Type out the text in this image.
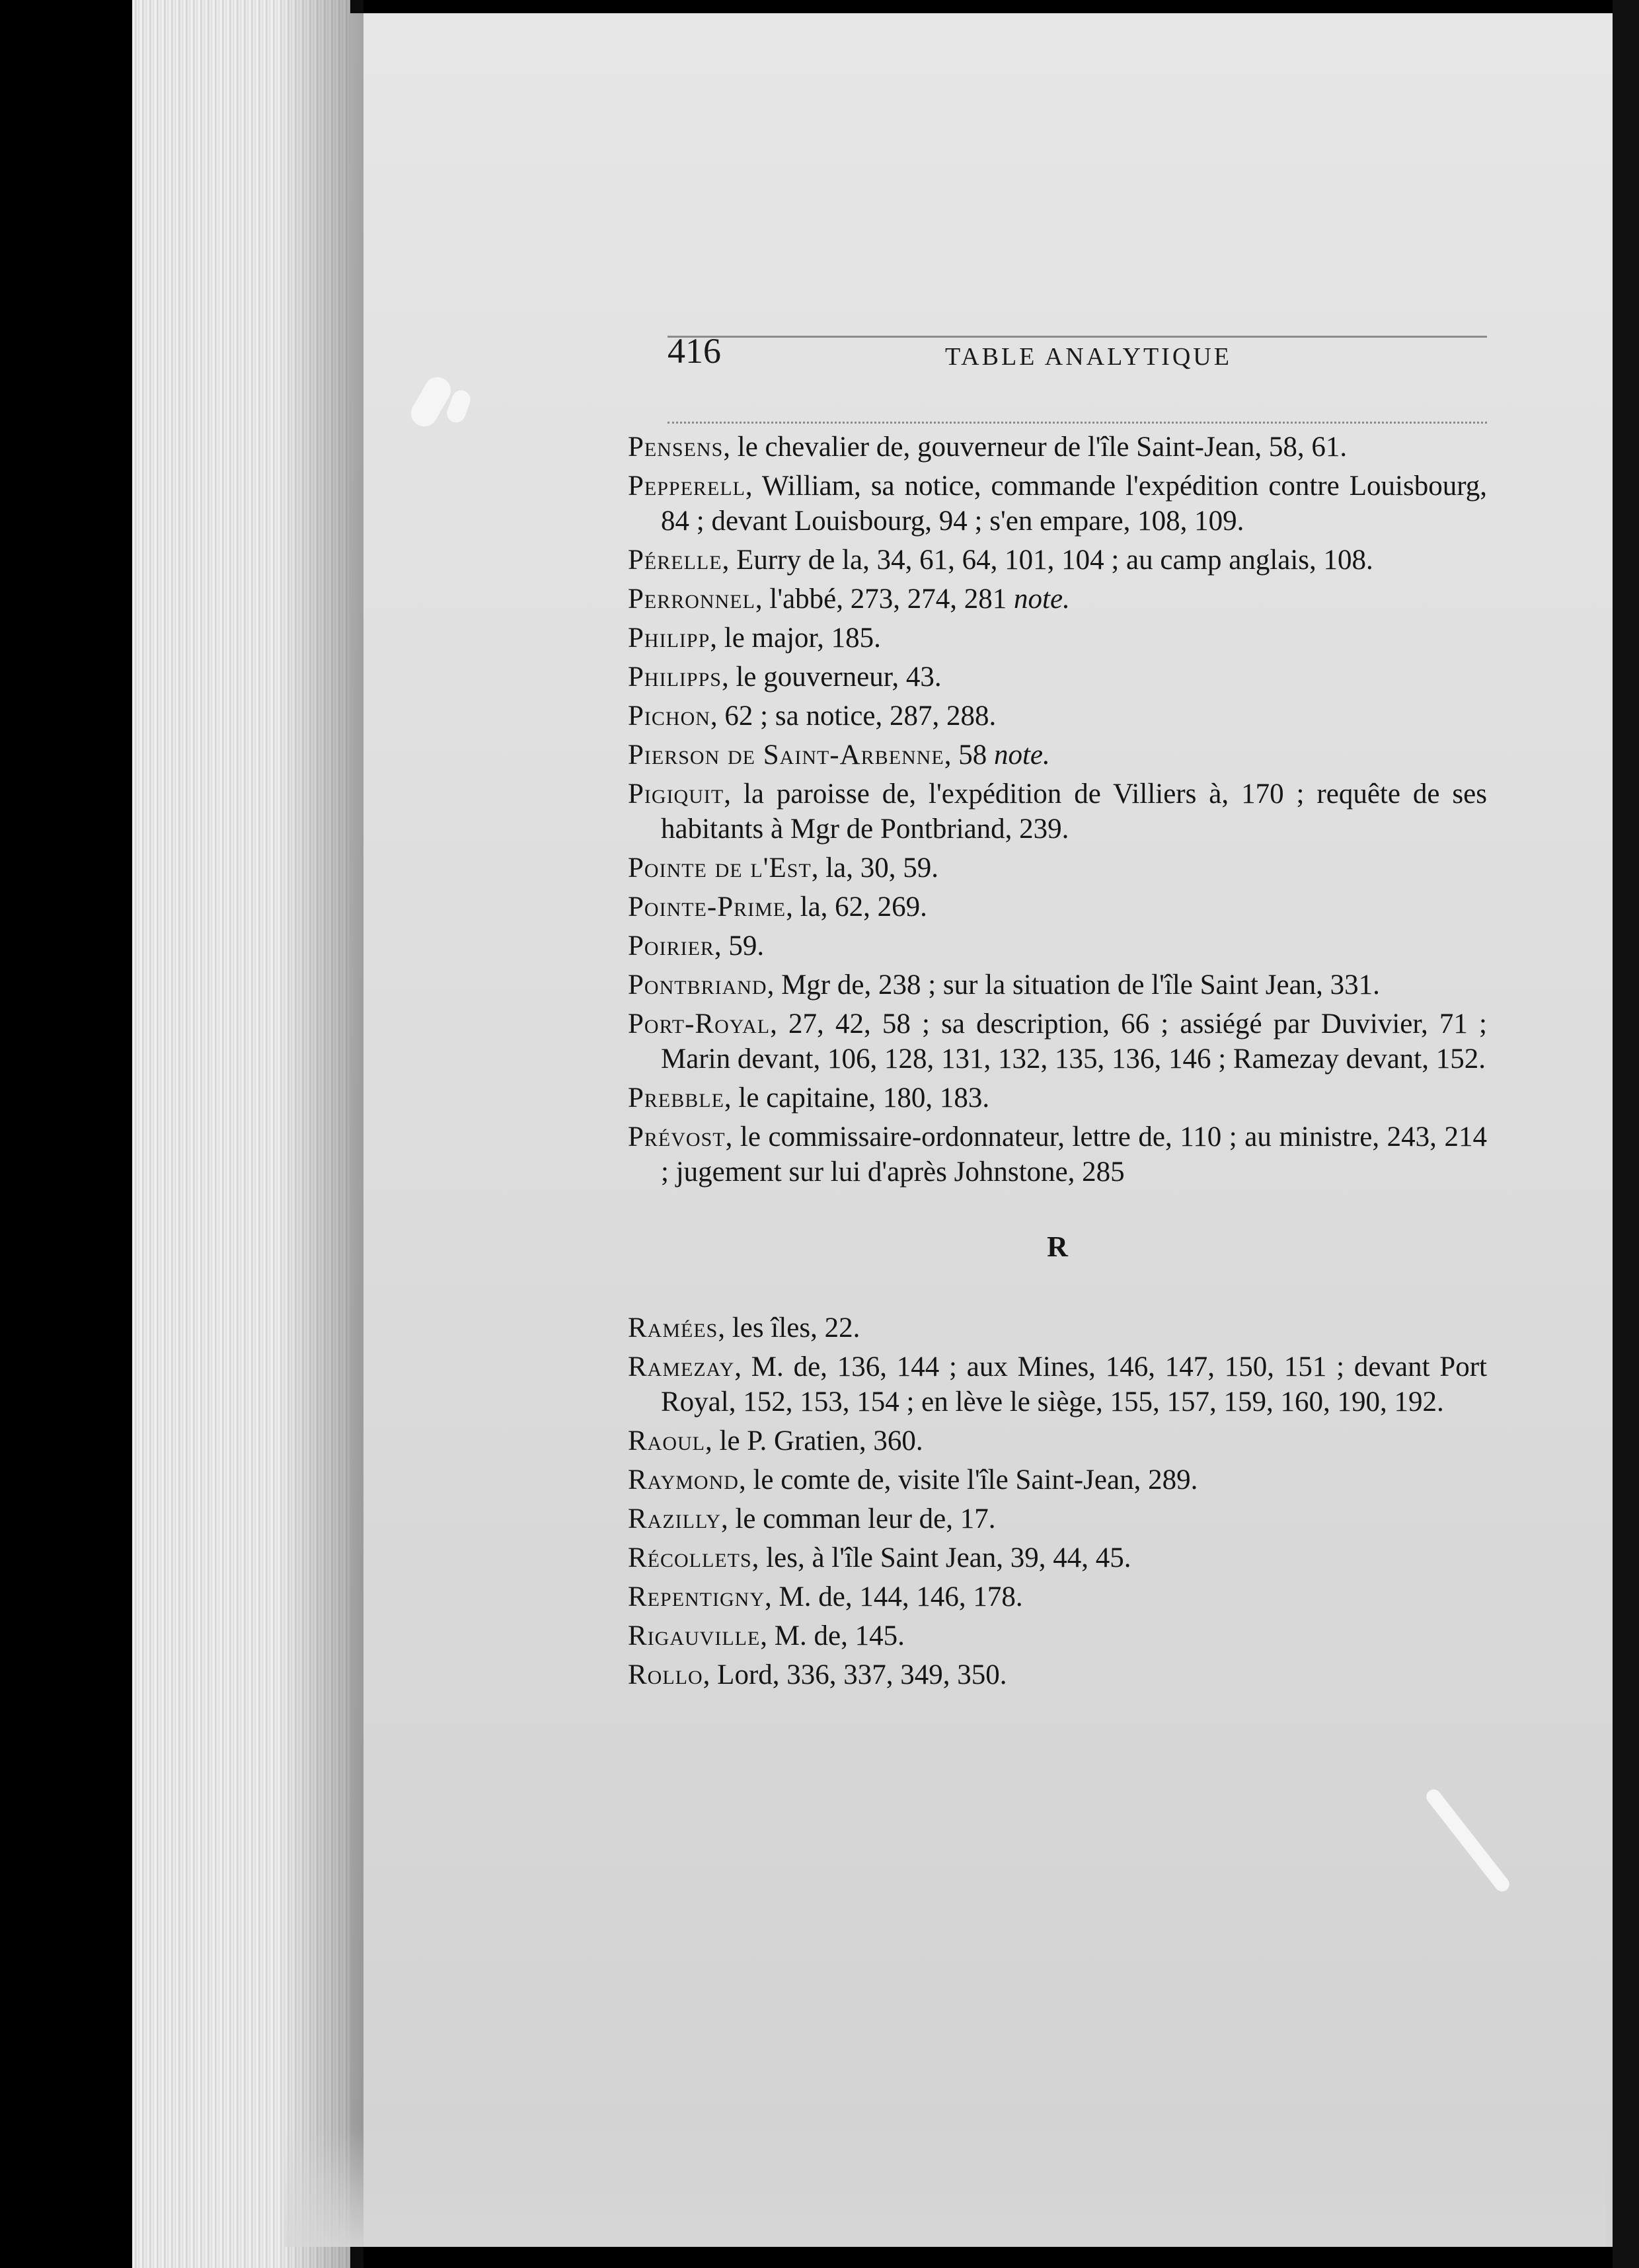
416	TABLE ANALYTIQUE

Pensens, le chevalier de, gouverneur de l'île Saint-Jean, 58, 61.

Pepperell, William, sa notice, commande l'expédition contre Louisbourg, 84 ; devant Louisbourg, 94 ; s'en empare, 108, 109.

Pérelle, Eurry de la, 34, 61, 64, 101, 104 ; au camp anglais, 108.

Perronnel, l'abbé, 273, 274, 281 note.

Philipp, le major, 185.

Philipps, le gouverneur, 43.

Pichon, 62 ; sa notice, 287, 288.

Pierson de Saint-Arbenne, 58 note.

Pigiquit, la paroisse de, l'expédition de Villiers à, 170 ; requête de ses habitants à Mgr de Pontbriand, 239.

Pointe de l'Est, la, 30, 59.

Pointe-Prime, la, 62, 269.

Poirier, 59.

Pontbriand, Mgr de, 238 ; sur la situation de l'île Saint Jean, 331.

Port-Royal, 27, 42, 58 ; sa description, 66 ; assiégé par Duvivier, 71 ; Marin devant, 106, 128, 131, 132, 135, 136, 146 ; Ramezay devant, 152.

Prebble, le capitaine, 180, 183.

Prévost, le commissaire-ordonnateur, lettre de, 110 ; au ministre, 243, 214 ; jugement sur lui d'après Johnstone, 285

R

Ramées, les îles, 22.

Ramezay, M. de, 136, 144 ; aux Mines, 146, 147, 150, 151 ; devant Port Royal, 152, 153, 154 ; en lève le siège, 155, 157, 159, 160, 190, 192.

Raoul, le P. Gratien, 360.

Raymond, le comte de, visite l'île Saint-Jean, 289.

Razilly, le comman leur de, 17.

Récollets, les, à l'île Saint Jean, 39, 44, 45.

Repentigny, M. de, 144, 146, 178.

Rigauville, M. de, 145.

Rollo, Lord, 336, 337, 349, 350.
